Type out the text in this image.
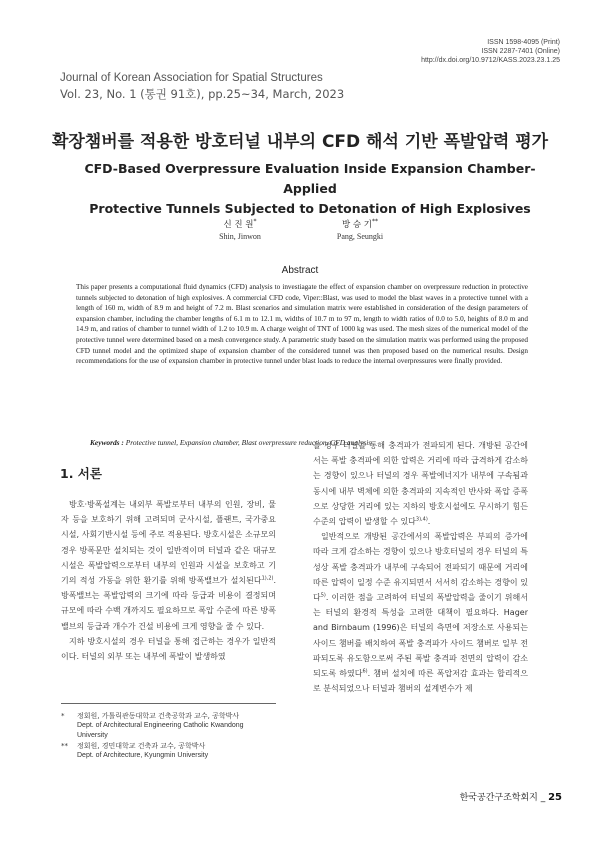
ISSN 1598-4095 (Print)
ISSN 2287-7401 (Online)
http://dx.doi.org/10.9712/KASS.2023.23.1.25
Journal of Korean Association for Spatial Structures
Vol. 23, No. 1 (통권 91호), pp.25~34, March, 2023
확장챔버를 적용한 방호터널 내부의 CFD 해석 기반 폭발압력 평가
CFD-Based Overpressure Evaluation Inside Expansion Chamber-Applied
Protective Tunnels Subjected to Detonation of High Explosives
신 진 원*
Shin, Jinwon
방 승 기**
Pang, Seungki
Abstract
This paper presents a computational fluid dynamics (CFD) analysis to investiagate the effect of expansion chamber on overpressure reduction in protective tunnels subjected to detonation of high explosives. A commercial CFD code, Viper::Blast, was used to model the blast waves in a protective tunnel with a length of 160 m, width of 8.9 m and height of 7.2 m. Blast scenarios and simulation matrix were established in consideration of the design parameters of expansion chamber, including the chamber lengths of 6.1 m to 12.1 m, widths of 10.7 m to 97 m, length to width ratios of 0.0 to 5.0, heights of 8.0 m and 14.9 m, and ratios of chamber to tunnel width of 1.2 to 10.9 m. A charge weight of TNT of 1000 kg was used. The mesh sizes of the numerical model of the protective tunnel were determined based on a mesh convergence study. A parametric study based on the simulation matrix was performed using the proposed CFD tunnel model and the optimized shape of expansion chamber of the considered tunnel was then proposed based on the numerical results. Design recommendations for the use of expansion chamber in protective tunnel under blast loads to reduce the internal overpressures were finally provided.
Keywords : Protective tunnel, Expansion chamber, Blast overpressure reduction, CFD analysis
1. 서론

방호·방폭설계는 내외부 폭발로부터 내부의 인원, 장비, 물자 등을 보호하기 위해 고려되며 군사시설, 플랜트, 국가중요시설, 사회기반시설 등에 주로 적용된다. 방호시설은 소규모의 경우 방폭문만 설치되는 것이 일반적이며 터널과 같은 대규모 시설은 폭발압력으로부터 내부의 인원과 시설을 보호하고 기기의 적성 가동을 위한 환기를 위해 방폭밸브가 설치된다$^{1),2)}$. 방폭밸브는 폭발압력의 크기에 따라 등급과 비용이 결정되며 규모에 따라 수백 개까지도 필요하므로 폭압 수준에 따른 방폭밸브의 등급과 개수가 건설 비용에 크게 영향을 줄 수 있다.

지하 방호시설의 경우 터널을 통해 접근하는 경우가 일반적이다. 터널의 외부 또는 내부에 폭발이 발생하였

* 정회원, 가톨릭관동대학교 건축공학과 교수, 공학박사
Dept. of Architectural Engineering Catholic Kwandong University
** 정회원, 경민대학교 건축과 교수, 공학박사
Dept. of Architecture, Kyungmin University

을 경우 터널을 통해 충격파가 전파되게 된다. 개방된 공간에서는 폭발 충격파에 의한 압력은 거리에 따라 급격하게 감소하는 경향이 있으나 터널의 경우 폭발에너지가 내부에 구속됨과 동시에 내부 벽체에 의한 충격파의 지속적인 반사와 폭압 증폭으로 상당한 거리에 있는 지하의 방호시설에도 무시하기 힘든 수준의 압력이 발생할 수 있다$^{3),4)}$.

일반적으로 개방된 공간에서의 폭발압력은 부피의 증가에 따라 크게 감소하는 경향이 있으나 방호터널의 경우 터널의 특성상 폭발 충격파가 내부에 구속되어 전파되기 때문에 거리에 따른 압력이 일정 수준 유지되면서 서서히 감소하는 경향이 있다$^{5)}$. 이러한 점을 고려하여 터널의 폭발압력을 줄이기 위해서는 터널의 환경적 특성을 고려한 대책이 필요하다. Hager and Birnbaum (1996)은 터널의 측면에 저장소로 사용되는 사이드 챔버를 배치하여 폭발 충격파가 사이드 챔버로 일부 전파되도록 유도함으로써 주된 폭발 충격파 전면의 압력이 감소되도록 하였다$^{6)}$. 챔버 설치에 따른 폭압저감 효과는 합리적으로 분석되었으나 터널과 챔버의 설계변수가 제

한국공간구조학회지 _ 25
